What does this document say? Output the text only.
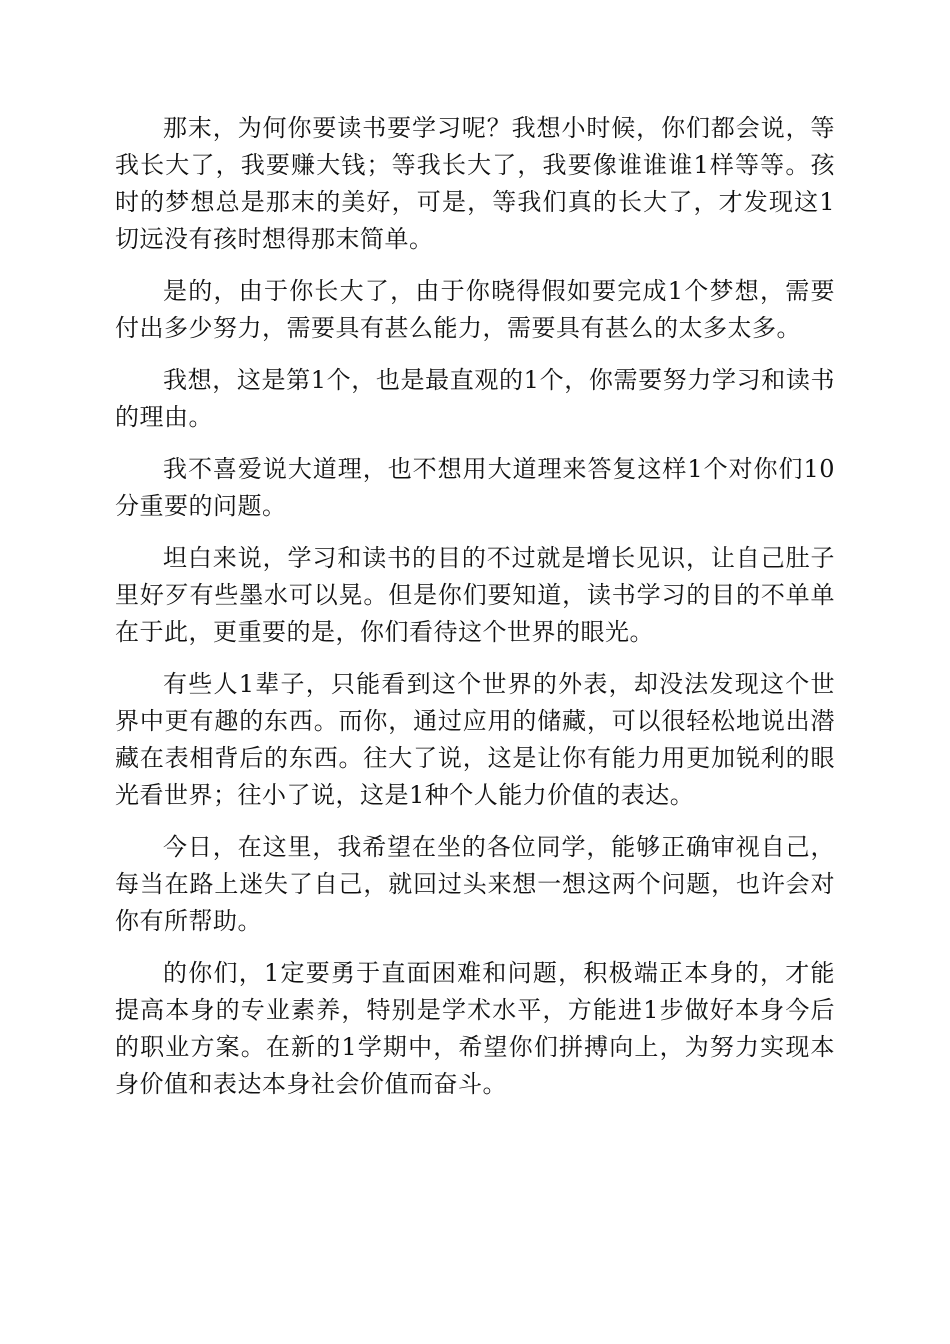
那末，为何你要读书要学习呢？我想小时候，你们都会说，等我长大了，我要赚大钱；等我长大了，我要像谁谁谁1样等等。孩时的梦想总是那末的美好，可是，等我们真的长大了，才发现这1切远没有孩时想得那末简单。

是的，由于你长大了，由于你晓得假如要完成1个梦想，需要付出多少努力，需要具有甚么能力，需要具有甚么的太多太多。

我想，这是第1个，也是最直观的1个，你需要努力学习和读书的理由。

我不喜爱说大道理，也不想用大道理来答复这样1个对你们10分重要的问题。

坦白来说，学习和读书的目的不过就是增长见识，让自己肚子里好歹有些墨水可以晃。但是你们要知道，读书学习的目的不单单在于此，更重要的是，你们看待这个世界的眼光。

有些人1辈子，只能看到这个世界的外表，却没法发现这个世界中更有趣的东西。而你，通过应用的储藏，可以很轻松地说出潜藏在表相背后的东西。往大了说，这是让你有能力用更加锐利的眼光看世界；往小了说，这是1种个人能力价值的表达。

今日，在这里，我希望在坐的各位同学，能够正确审视自己，每当在路上迷失了自己，就回过头来想一想这两个问题，也许会对你有所帮助。

的你们，1定要勇于直面困难和问题，积极端正本身的，才能提高本身的专业素养，特别是学术水平，方能进1步做好本身今后的职业方案。在新的1学期中，希望你们拼搏向上，为努力实现本身价值和表达本身社会价值而奋斗。
